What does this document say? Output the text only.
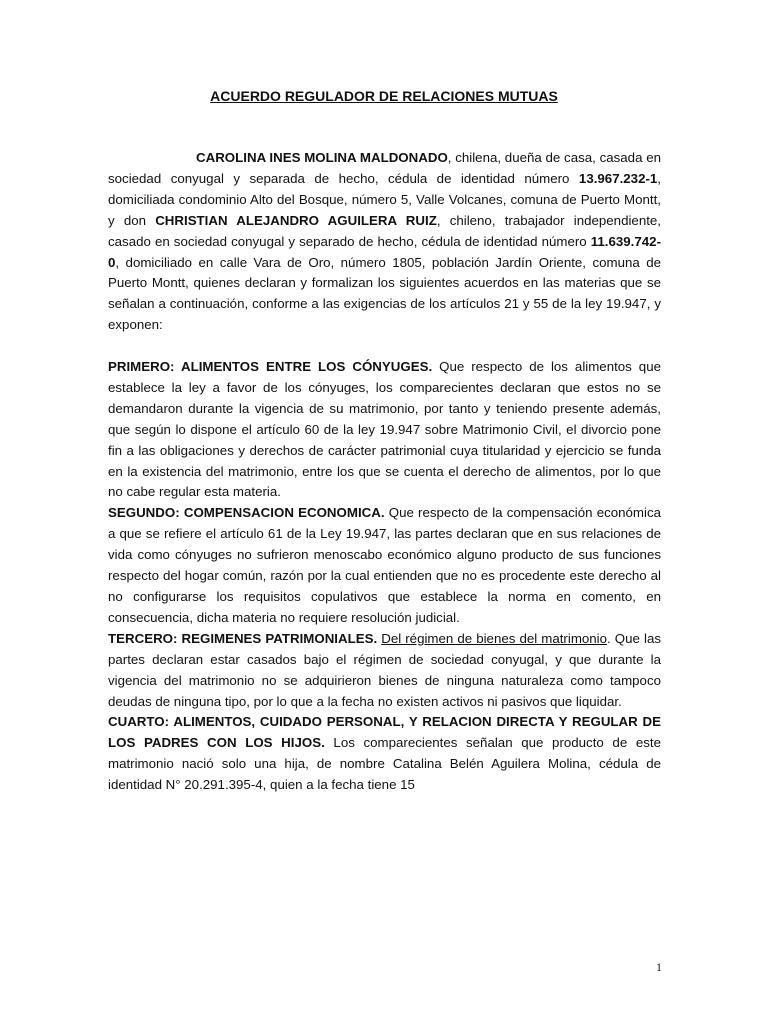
ACUERDO REGULADOR DE RELACIONES MUTUAS

CAROLINA INES MOLINA MALDONADO, chilena, dueña de casa, casada en sociedad conyugal y separada de hecho, cédula de identidad número 13.967.232-1, domiciliada condominio Alto del Bosque, número 5, Valle Volcanes, comuna de Puerto Montt, y don CHRISTIAN ALEJANDRO AGUILERA RUIZ, chileno, trabajador independiente, casado en sociedad conyugal y separado de hecho, cédula de identidad número 11.639.742-0, domiciliado en calle Vara de Oro, número 1805, población Jardín Oriente, comuna de Puerto Montt, quienes declaran y formalizan los siguientes acuerdos en las materias que se señalan a continuación, conforme a las exigencias de los artículos 21 y 55 de la ley 19.947, y exponen:

PRIMERO: ALIMENTOS ENTRE LOS CÓNYUGES. Que respecto de los alimentos que establece la ley a favor de los cónyuges, los comparecientes declaran que estos no se demandaron durante la vigencia de su matrimonio, por tanto y teniendo presente además, que según lo dispone el artículo 60 de la ley 19.947 sobre Matrimonio Civil, el divorcio pone fin a las obligaciones y derechos de carácter patrimonial cuya titularidad y ejercicio se funda en la existencia del matrimonio, entre los que se cuenta el derecho de alimentos, por lo que no cabe regular esta materia.

SEGUNDO: COMPENSACION ECONOMICA. Que respecto de la compensación económica a que se refiere el artículo 61 de la Ley 19.947, las partes declaran que en sus relaciones de vida como cónyuges no sufrieron menoscabo económico alguno producto de sus funciones respecto del hogar común, razón por la cual entienden que no es procedente este derecho al no configurarse los requisitos copulativos que establece la norma en comento, en consecuencia, dicha materia no requiere resolución judicial.

TERCERO: REGIMENES PATRIMONIALES. Del régimen de bienes del matrimonio. Que las partes declaran estar casados bajo el régimen de sociedad conyugal, y que durante la vigencia del matrimonio no se adquirieron bienes de ninguna naturaleza como tampoco deudas de ninguna tipo, por lo que a la fecha no existen activos ni pasivos que liquidar.

CUARTO: ALIMENTOS, CUIDADO PERSONAL, Y RELACION DIRECTA Y REGULAR DE LOS PADRES CON LOS HIJOS. Los comparecientes señalan que producto de este matrimonio nació solo una hija, de nombre Catalina Belén Aguilera Molina, cédula de identidad N° 20.291.395-4, quien a la fecha tiene 15

1
